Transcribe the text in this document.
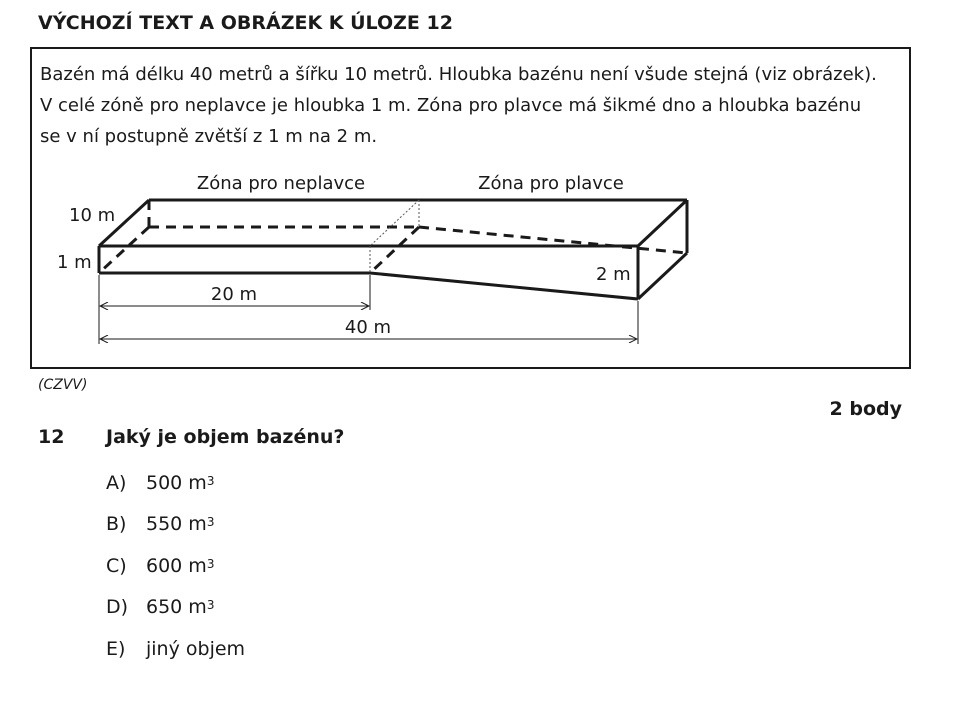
VÝCHOZÍ TEXT A OBRÁZEK K ÚLOZE 12
Bazén má délku 40 metrů a šířku 10 metrů. Hloubka bazénu není všude stejná (viz obrázek).
V celé zóně pro neplavce je hloubka 1 m. Zóna pro plavce má šikmé dno a hloubka bazénu
se v ní postupně zvětší z 1 m na 2 m.
Zóna pro neplavce	Zóna pro plavce
10 m
1 m
2 m
20 m
40 m
(CZVV)
2 body
12 Jaký je objem bazénu?
A)	500 $m^3$
B)	550 $m^3$
C)	600 $m^3$
D) 650 $m^3$
E)	jiný objem
